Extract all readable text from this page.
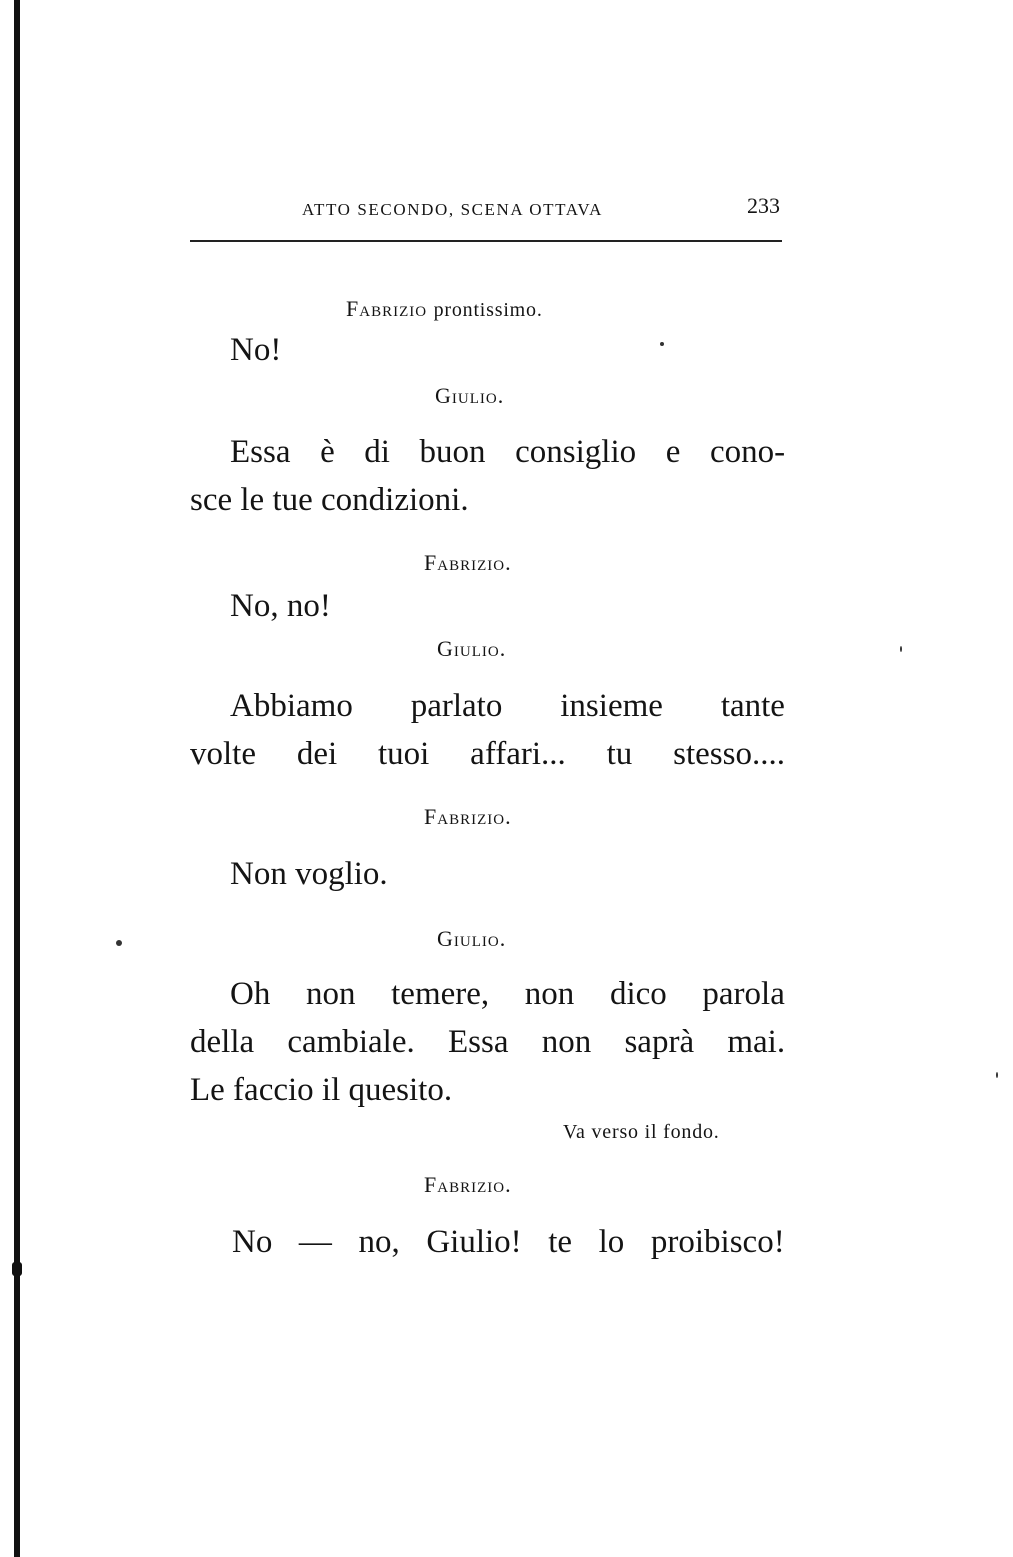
ATTO SECONDO, SCENA OTTAVA	233
Fabrizio prontissimo.
No!
Giulio.
Essa è di buon consiglio e cono-
sce le tue condizioni.
Fabrizio.
No, no!
Giulio.
Abbiamo parlato insieme tante
volte dei tuoi affari... tu stesso....
Fabrizio.
Non voglio.
Giulio.
Oh non temere, non dico parola
della cambiale. Essa non saprà mai.
Le faccio il quesito.
Va verso il fondo.
Fabrizio.
No — no, Giulio! te lo proibisco!
